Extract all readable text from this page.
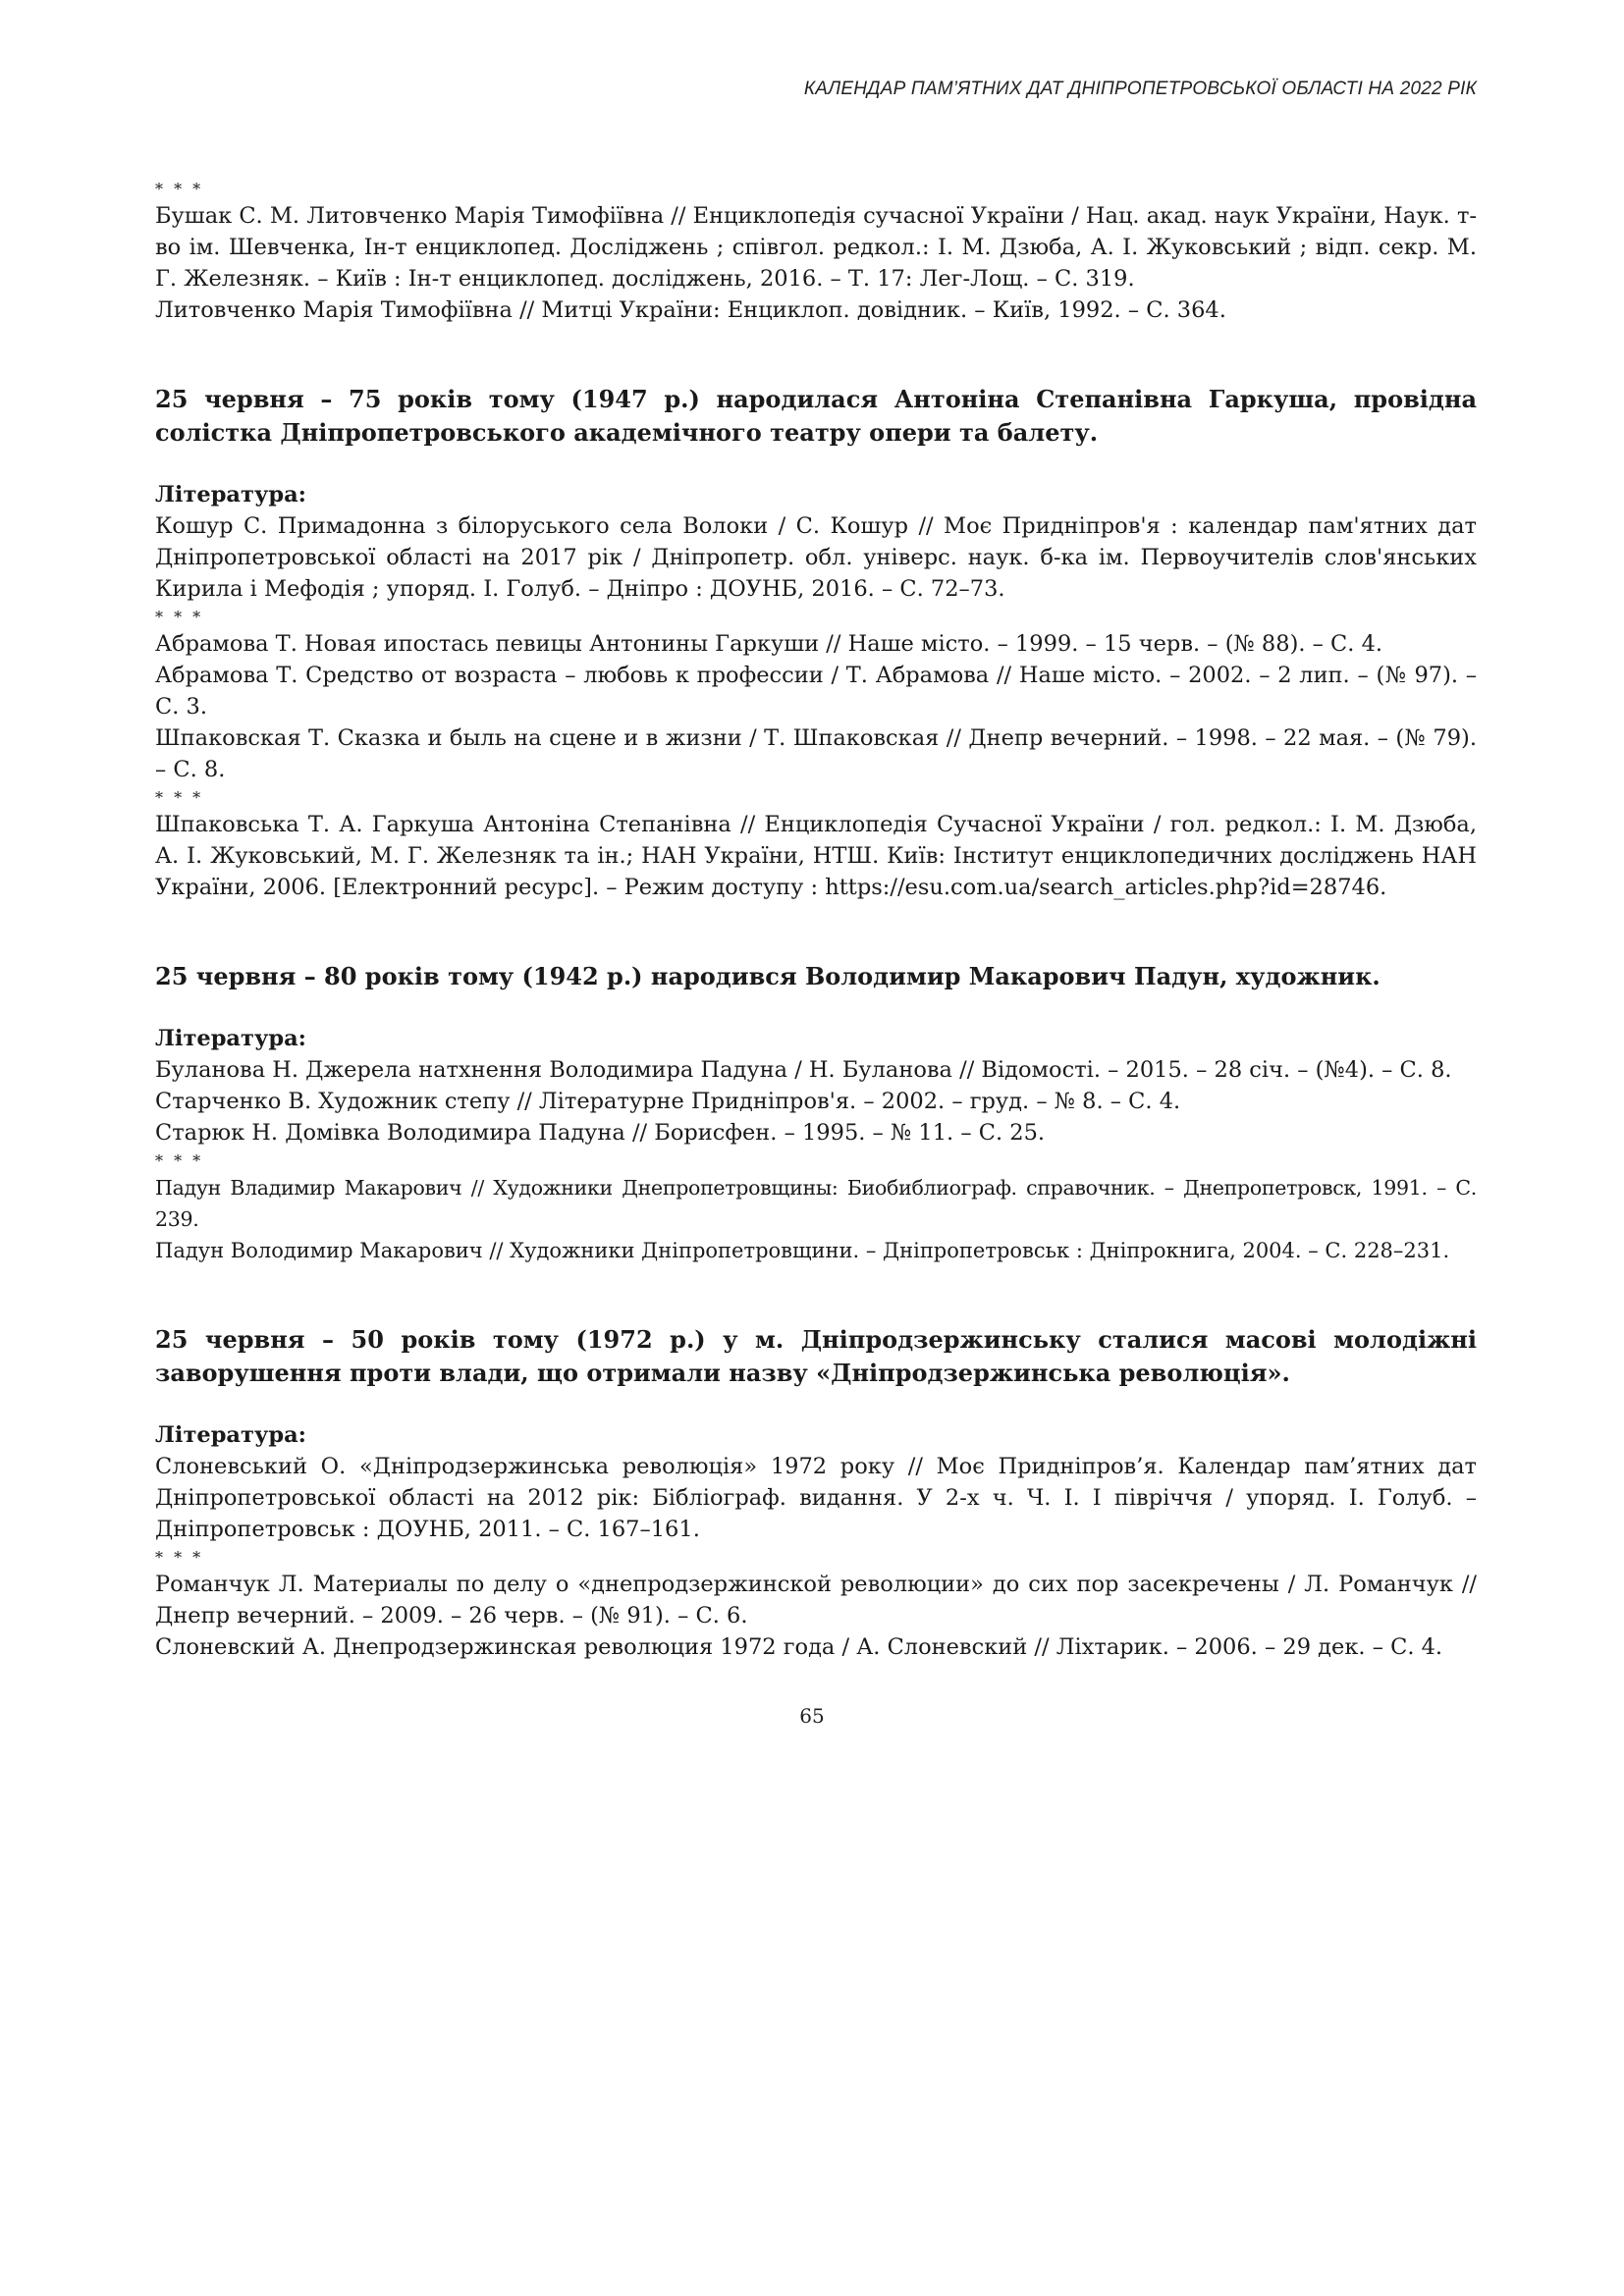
КАЛЕНДАР ПАМ’ЯТНИХ ДАТ ДНІПРОПЕТРОВСЬКОЇ ОБЛАСТІ НА 2022 РІК
* * *
Бушак С. М. Литовченко Марія Тимофіївна // Енциклопедія сучасної України / Нац. акад. наук України, Наук. т-во ім. Шевченка, Ін-т енциклопед. Досліджень ; співгол. редкол.: І. М. Дзюба, А. І. Жуковський ; відп. секр. М. Г. Железняк. – Київ : Ін-т енциклопед. досліджень, 2016. – Т. 17: Лег-Лощ. – С. 319.
Литовченко Марія Тимофіївна // Митці України: Енциклоп. довідник. – Київ, 1992. – С. 364.
25 червня – 75 років тому (1947 р.) народилася Антоніна Степанівна Гаркуша, провідна солістка Дніпропетровського академічного театру опери та балету.
Література:
Кошур С. Примадонна з білоруського села Волоки / С. Кошур // Моє Придніпров'я : календар пам'ятних дат Дніпропетровської області на 2017 рік / Дніпропетр. обл. універс. наук. б-ка ім. Первоучителів слов'янських Кирила і Мефодія ; упоряд. І. Голуб. – Дніпро : ДОУНБ, 2016. – С. 72–73.
* * *
Абрамова Т. Новая ипостась певицы Антонины Гаркуши // Наше місто. – 1999. – 15 черв. – (№ 88). – С. 4.
Абрамова Т. Средство от возраста – любовь к профессии / Т. Абрамова // Наше місто. – 2002. – 2 лип. – (№ 97). – С. 3.
Шпаковская Т. Сказка и быль на сцене и в жизни / Т. Шпаковская // Днепр вечерний. – 1998. – 22 мая. – (№ 79). – С. 8.
* * *
Шпаковська Т. А. Гаркуша Антоніна Степанівна // Енциклопедія Сучасної України / гол. редкол.: І. М. Дзюба, А. І. Жуковський, М. Г. Железняк та ін.; НАН України, НТШ. Київ: Інститут енциклопедичних досліджень НАН України, 2006. [Електронний ресурс]. – Режим доступу : https://esu.com.ua/search_articles.php?id=28746.
25 червня – 80 років тому (1942 р.) народився Володимир Макарович Падун, художник.
Література:
Буланова Н. Джерела натхнення Володимира Падуна / Н. Буланова // Відомості. – 2015. – 28 січ. – (№4). – С. 8.
Старченко В. Художник степу // Літературне Придніпров'я. – 2002. – груд. – № 8. – С. 4.
Старюк Н. Домівка Володимира Падуна // Борисфен. – 1995. – № 11. – С. 25.
* * *
Падун Владимир Макарович // Художники Днепропетровщины: Биобиблиограф. справочник. – Днепропетровск, 1991. – С. 239.
Падун Володимир Макарович // Художники Дніпропетровщини. – Дніпропетровськ : Дніпрокнига, 2004. – С. 228–231.
25 червня – 50 років тому (1972 р.) у м. Дніпродзержинську сталися масові молодіжні заворушення проти влади, що отримали назву «Дніпродзержинська революція».
Література:
Слоневський О. «Дніпродзержинська революція» 1972 року // Моє Придніпров’я. Календар пам’ятних дат Дніпропетровської області на 2012 рік: Бібліограф. видання. У 2-х ч. Ч. І. І півріччя / упоряд. І. Голуб. – Дніпропетровськ : ДОУНБ, 2011. – С. 167–161.
* * *
Романчук Л. Материалы по делу о «днепродзержинской революции» до сих пор засекречены / Л. Романчук // Днепр вечерний. – 2009. – 26 черв. – (№ 91). – С. 6.
Слоневский А. Днепродзержинская революция 1972 года / А. Слоневский // Ліхтарик. – 2006. – 29 дек. – С. 4.
65
